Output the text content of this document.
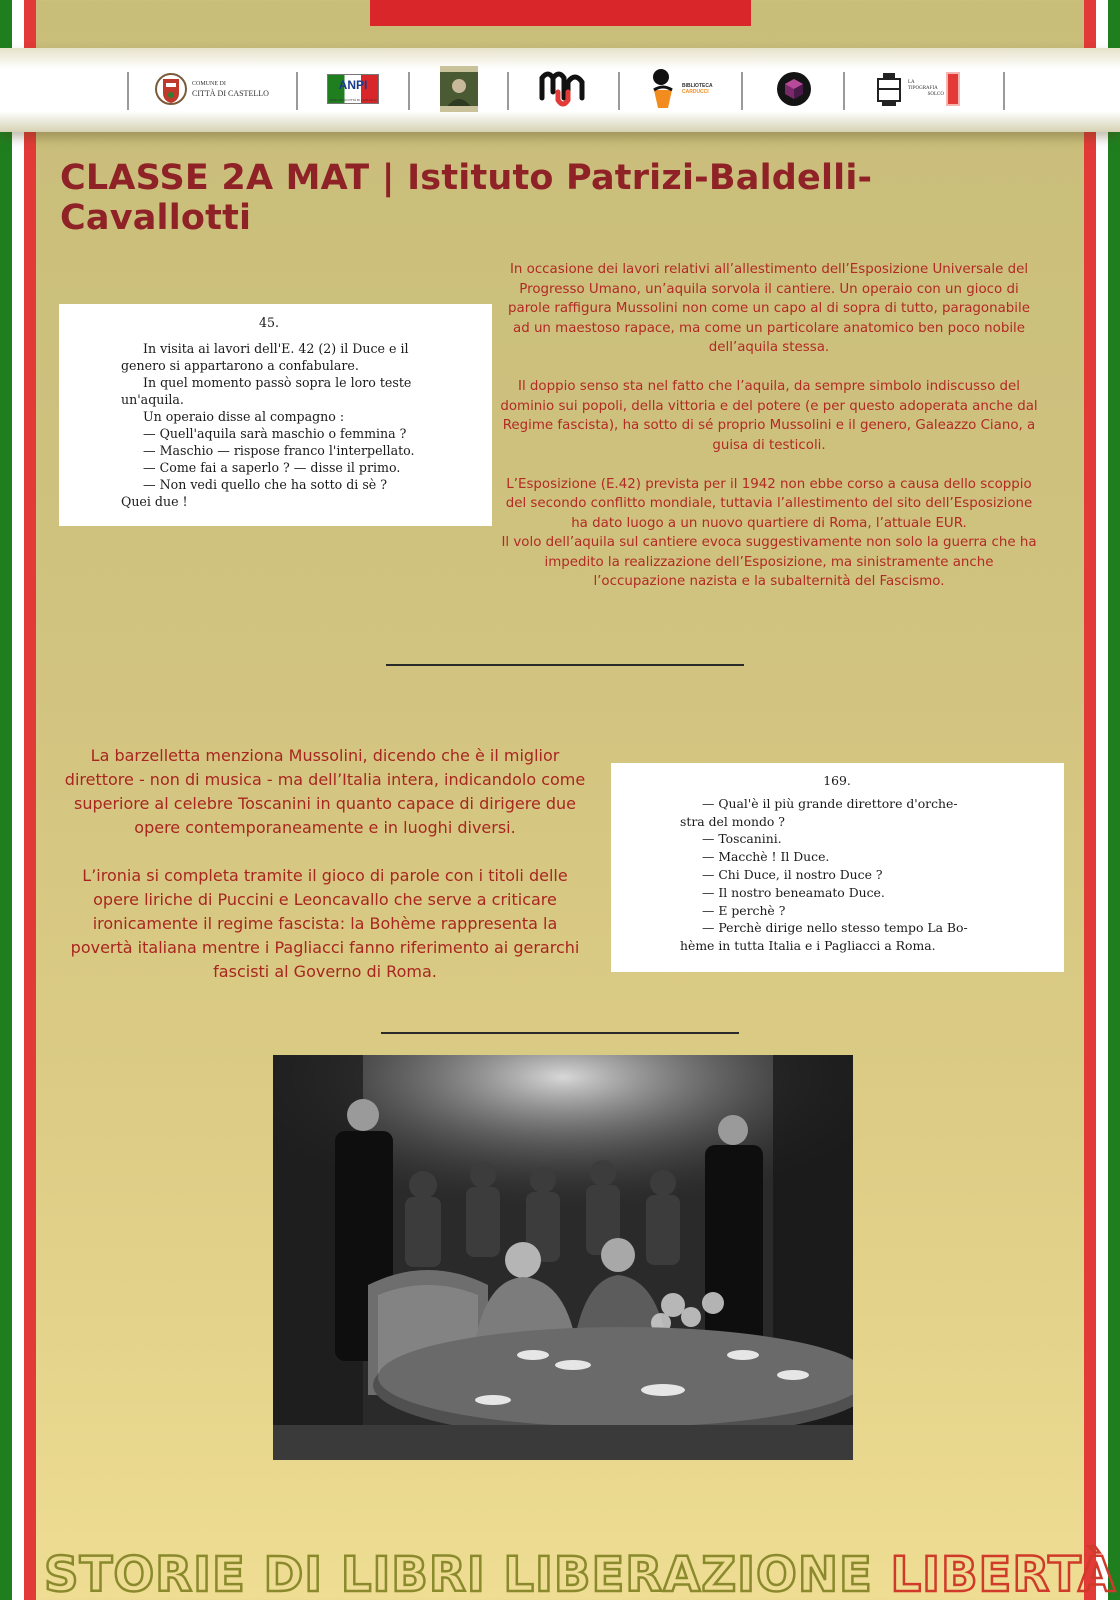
COMUNE DI
CITTÀ DI CASTELLO
ANPI
SEZIONE DI CITTÀ DI CASTELLO
BIBLIOTECA
CARDUCCI
LA TIPOGRAFIA
SOLCO
CLASSE 2A MAT | Istituto Patrizi-Baldelli-Cavallotti
45.
In visita ai lavori dell'E. 42 (2) il Duce e il
genero si appartarono a confabulare.
In quel momento passò sopra le loro teste
un'aquila.
Un operaio disse al compagno :
— Quell'aquila sarà maschio o femmina ?
— Maschio — rispose franco l'interpellato.
— Come fai a saperlo ? — disse il primo.
— Non vedi quello che ha sotto di sè ?
Quei due !

In occasione dei lavori relativi all’allestimento dell’Esposizione Universale del Progresso Umano, un’aquila sorvola il cantiere. Un operaio con un gioco di parole raffigura Mussolini non come un capo al di sopra di tutto, paragonabile ad un maestoso rapace, ma come un particolare anatomico ben poco nobile dell’aquila stessa.

Il doppio senso sta nel fatto che l’aquila, da sempre simbolo indiscusso del dominio sui popoli, della vittoria e del potere (e per questo adoperata anche dal Regime fascista), ha sotto di sé proprio Mussolini e il genero, Galeazzo Ciano, a guisa di testicoli.

L’Esposizione (E.42) prevista per il 1942 non ebbe corso a causa dello scoppio del secondo conflitto mondiale, tuttavia l’allestimento del sito dell’Esposizione ha dato luogo a un nuovo quartiere di Roma, l’attuale EUR.

Il volo dell’aquila sul cantiere evoca suggestivamente non solo la guerra che ha impedito la realizzazione dell’Esposizione, ma sinistramente anche l’occupazione nazista e la subalternità del Fascismo.

La barzelletta menziona Mussolini, dicendo che è il miglior direttore - non di musica - ma dell’Italia intera, indicandolo come superiore al celebre Toscanini in quanto capace di dirigere due opere contemporaneamente e in luoghi diversi.

L’ironia si completa tramite il gioco di parole con i titoli delle opere liriche di Puccini e Leoncavallo che serve a criticare ironicamente il regime fascista: la Bohème rappresenta la povertà italiana mentre i Pagliacci fanno riferimento ai gerarchi fascisti al Governo di Roma.

169.
— Qual'è il più grande direttore d'orche-
stra del mondo ?
— Toscanini.
— Macchè ! Il Duce.
— Chi Duce, il nostro Duce ?
— Il nostro beneamato Duce.
— E perchè ?
— Perchè dirige nello stesso tempo La Bo-
hème in tutta Italia e i Pagliacci a Roma.
STORIE DI LIBRI LIBERAZIONE LIBERTÀ
